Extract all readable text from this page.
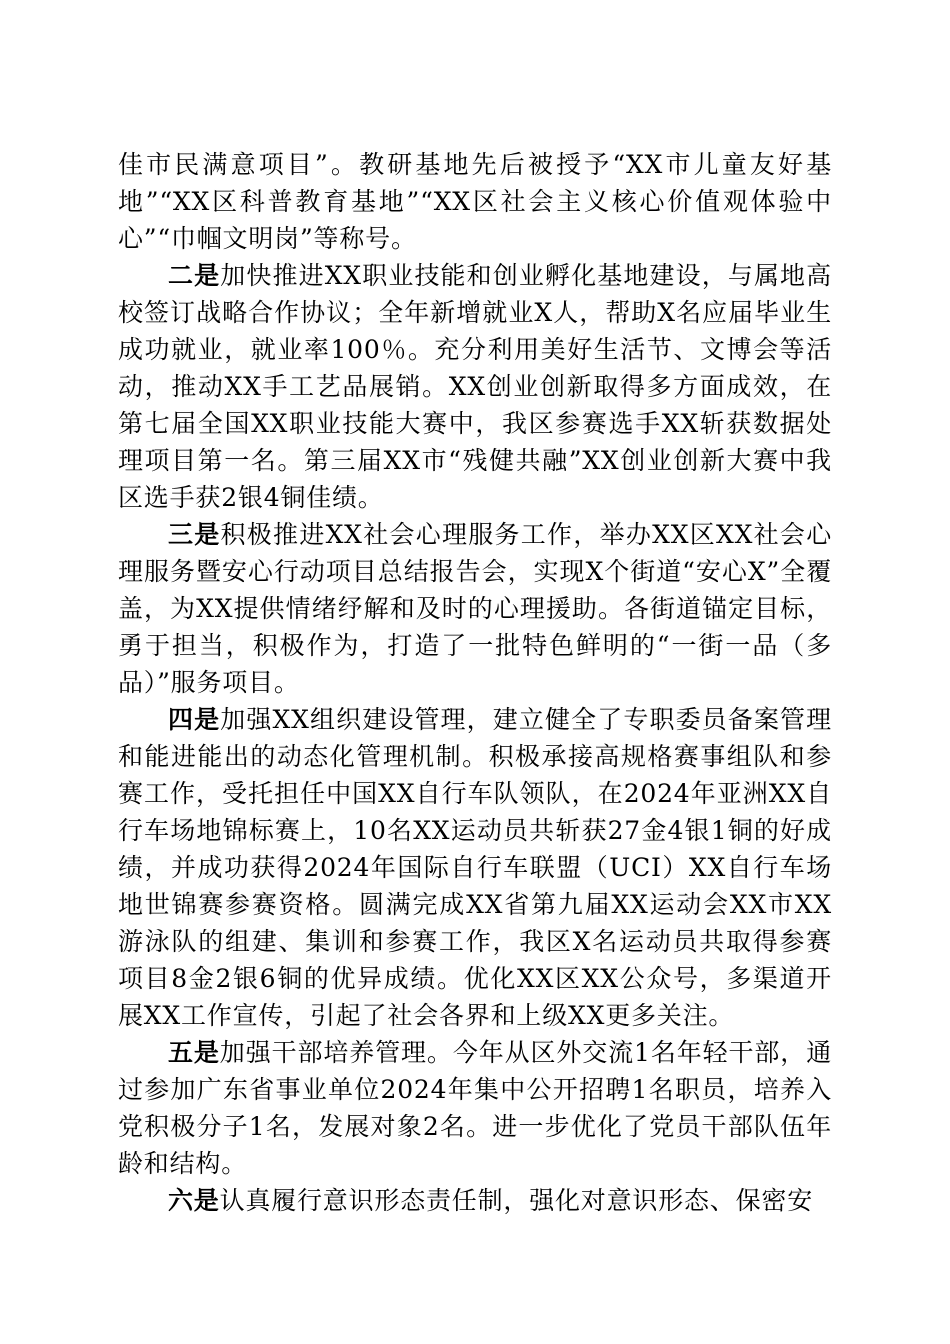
佳市民满意项目”。教研基地先后被授予“XX市儿童友好基地”“XX区科普教育基地”“XX区社会主义核心价值观体验中心”“巾帼文明岗”等称号。

二是加快推进XX职业技能和创业孵化基地建设，与属地高校签订战略合作协议；全年新增就业X人，帮助X名应届毕业生成功就业，就业率100％。充分利用美好生活节、文博会等活动，推动XX手工艺品展销。XX创业创新取得多方面成效，在第七届全国XX职业技能大赛中，我区参赛选手XX斩获数据处理项目第一名。第三届XX市“残健共融”XX创业创新大赛中我区选手获2银4铜佳绩。

三是积极推进XX社会心理服务工作，举办XX区XX社会心理服务暨安心行动项目总结报告会，实现X个街道“安心X”全覆盖，为XX提供情绪纾解和及时的心理援助。各街道锚定目标，勇于担当，积极作为，打造了一批特色鲜明的“一街一品（多品）”服务项目。

四是加强XX组织建设管理，建立健全了专职委员备案管理和能进能出的动态化管理机制。积极承接高规格赛事组队和参赛工作，受托担任中国XX自行车队领队，在2024年亚洲XX自行车场地锦标赛上，10名XX运动员共斩获27金4银1铜的好成绩，并成功获得2024年国际自行车联盟（UCI）XX自行车场地世锦赛参赛资格。圆满完成XX省第九届XX运动会XX市XX游泳队的组建、集训和参赛工作，我区X名运动员共取得参赛项目8金2银6铜的优异成绩。优化XX区XX公众号，多渠道开展XX工作宣传，引起了社会各界和上级XX更多关注。

五是加强干部培养管理。今年从区外交流1名年轻干部，通过参加广东省事业单位2024年集中公开招聘1名职员，培养入党积极分子1名，发展对象2名。进一步优化了党员干部队伍年龄和结构。

六是认真履行意识形态责任制，强化对意识形态、保密安
